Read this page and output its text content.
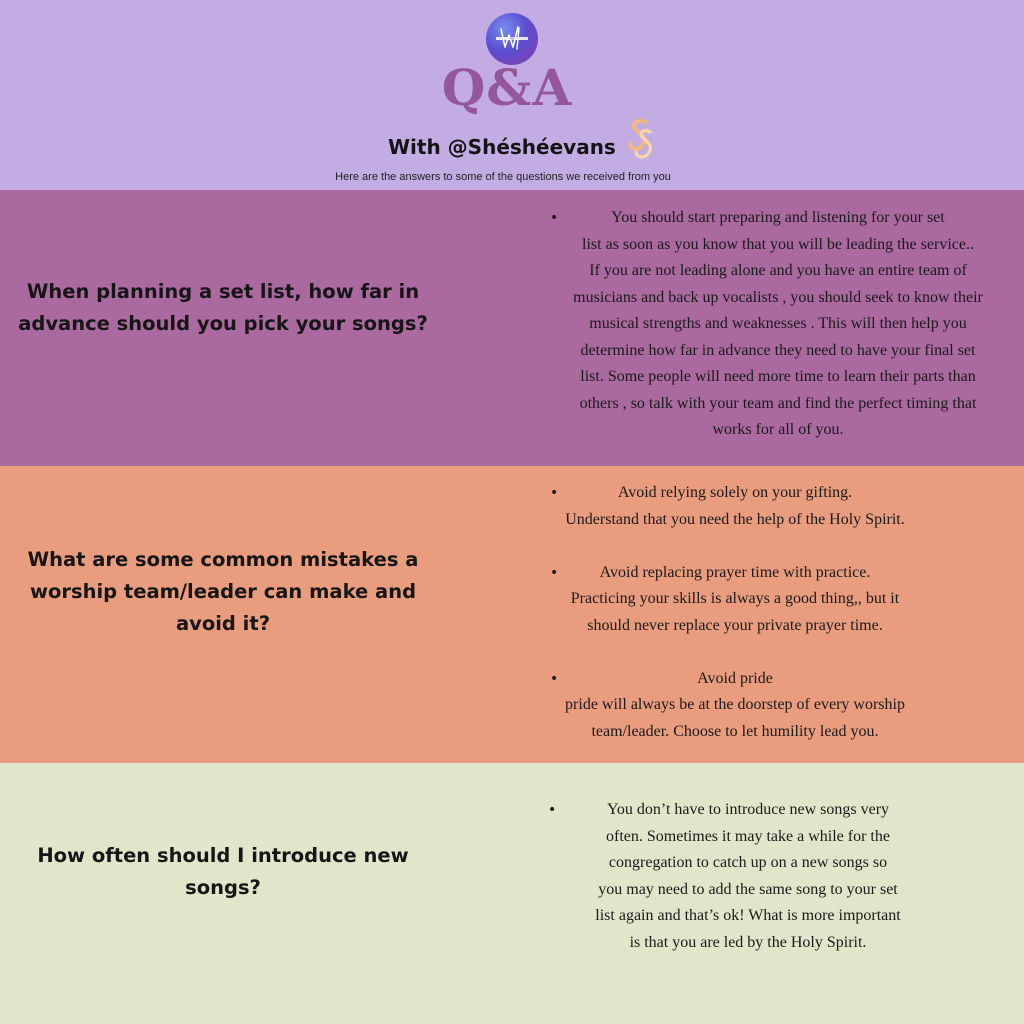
HW
Q&A
With @Shéshéevans
Here are the answers to some of the questions we received from you
When planning a set list, how far in advance should you pick your songs?
•	You should start preparing and listening for your set
list as soon as you know that you will be leading the service..
If you are not leading alone and you have an entire team of
musicians and back up vocalists , you should seek to know their
musical strengths and weaknesses . This will then help you
determine how far in advance they need to have your final set
list. Some people will need more time to learn their parts than
others , so talk with your team and find the perfect timing that
works for all of you.

What are some common mistakes a worship team/leader can make and avoid it?
•	Avoid relying solely on your gifting.
Understand that you need the help of the Holy Spirit.

•	Avoid replacing prayer time with practice.
Practicing your skills is always a good thing,, but it
should never replace your private prayer time.

•	Avoid pride
pride will always be at the doorstep of every worship
team/leader. Choose to let humility lead you.

How often should I introduce new songs?
•	You don’t have to introduce new songs very
often. Sometimes it may take a while for the
congregation to catch up on a new songs so
you may need to add the same song to your set
list again and that’s ok! What is more important
is that you are led by the Holy Spirit.
